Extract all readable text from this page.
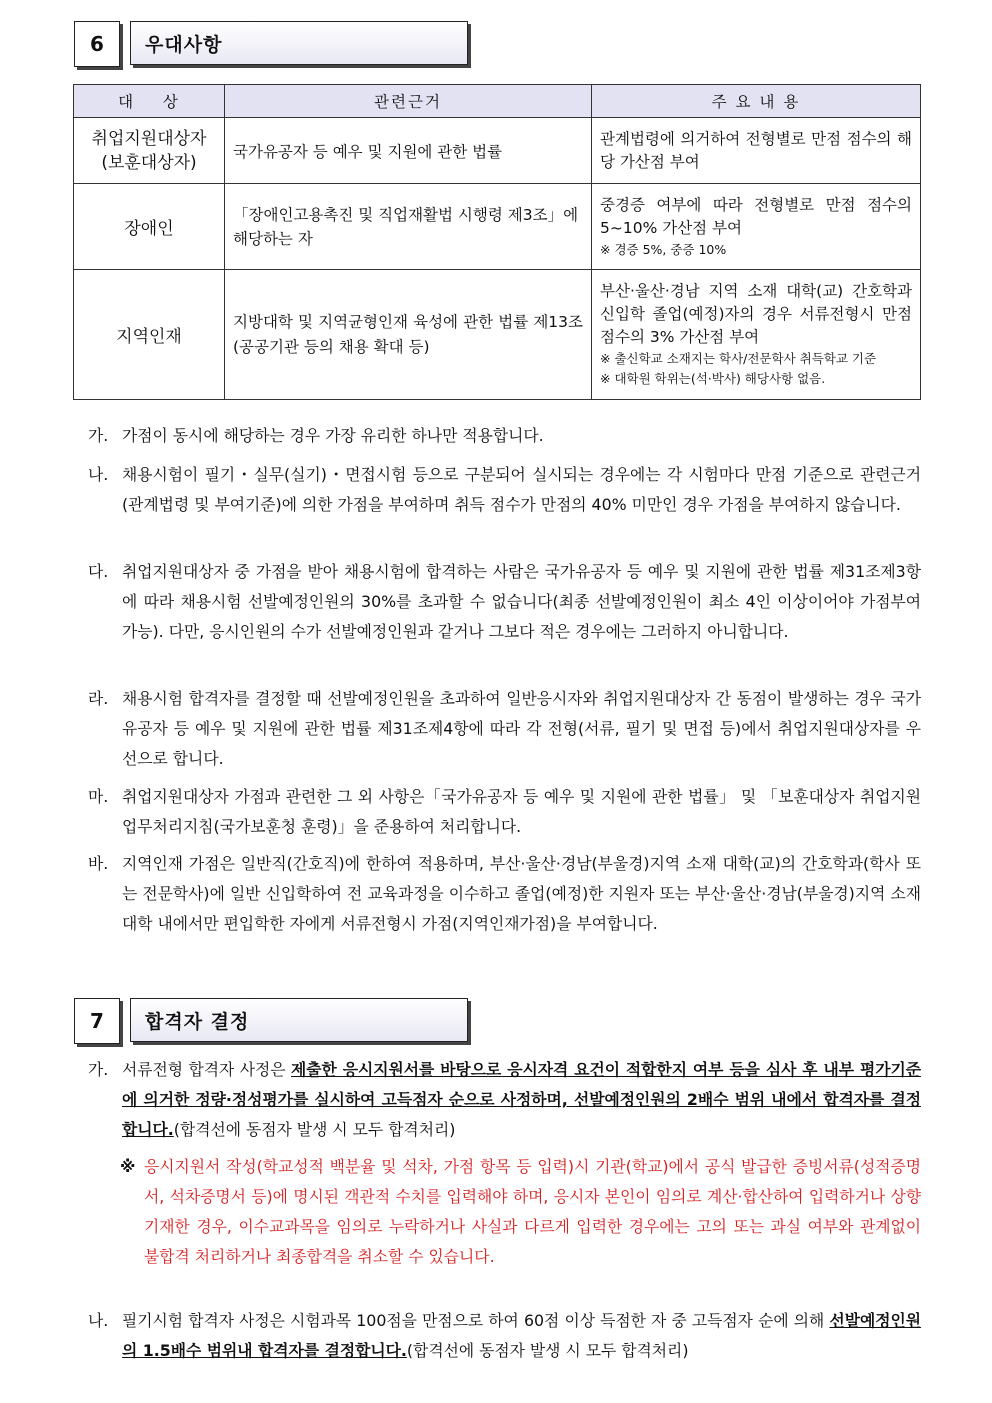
6	우대사항
대    상	관련근거	주 요 내 용
취업지원대상자
(보훈대상자)	국가유공자 등 예우 및 지원에 관한 법률	관계법령에 의거하여 전형별로 만점 점수의 해당 가산점 부여
장애인	「장애인고용촉진 및 직업재활법 시행령 제3조」에 해당하는 자	중경증 여부에 따라 전형별로 만점 점수의 5~10% 가산점 부여
※ 경증 5%, 중증 10%

지역인재	지방대학 및 지역균형인재 육성에 관한 법률 제13조(공공기관 등의 채용 확대 등)	부산·울산·경남 지역 소재 대학(교) 간호학과 신입학 졸업(예정)자의 경우 서류전형시 만점 점수의 3% 가산점 부여
※ 출신학교 소재지는 학사/전문학사 취득학교 기준
※ 대학원 학위는(석·박사) 해당사항 없음.
가. 가점이 동시에 해당하는 경우 가장 유리한 하나만 적용합니다.
나. 채용시험이 필기・실무(실기)・면접시험 등으로 구분되어 실시되는 경우에는 각 시험마다 만점 기준으로 관련근거(관계법령 및 부여기준)에 의한 가점을 부여하며 취득 점수가 만점의 40% 미만인 경우 가점을 부여하지 않습니다.
다. 취업지원대상자 중 가점을 받아 채용시험에 합격하는 사람은 국가유공자 등 예우 및 지원에 관한 법률 제31조제3항에 따라 채용시험 선발예정인원의 30%를 초과할 수 없습니다(최종 선발예정인원이 최소 4인 이상이어야 가점부여 가능). 다만, 응시인원의 수가 선발예정인원과 같거나 그보다 적은 경우에는 그러하지 아니합니다.
라. 채용시험 합격자를 결정할 때 선발예정인원을 초과하여 일반응시자와 취업지원대상자 간 동점이 발생하는 경우 국가유공자 등 예우 및 지원에 관한 법률 제31조제4항에 따라 각 전형(서류, 필기 및 면접 등)에서 취업지원대상자를 우선으로 합니다.
마. 취업지원대상자 가점과 관련한 그 외 사항은「국가유공자 등 예우 및 지원에 관한 법률」 및 「보훈대상자 취업지원 업무처리지침(국가보훈청 훈령)」을 준용하여 처리합니다.
바. 지역인재 가점은 일반직(간호직)에 한하여 적용하며, 부산·울산·경남(부울경)지역 소재 대학(교)의 간호학과(학사 또는 전문학사)에 일반 신입학하여 전 교육과정을 이수하고 졸업(예정)한 지원자 또는 부산·울산·경남(부울경)지역 소재 대학 내에서만 편입학한 자에게 서류전형시 가점(지역인재가점)을 부여합니다.
7	합격자 결정
가. 서류전형 합격자 사정은 제출한 응시지원서를 바탕으로 응시자격 요건이 적합한지 여부 등을 심사 후 내부 평가기준에 의거한 정량·정성평가를 실시하여 고득점자 순으로 사정하며, 선발예정인원의 2배수 범위 내에서 합격자를 결정합니다.(합격선에 동점자 발생 시 모두 합격처리)
※ 응시지원서 작성(학교성적 백분율 및 석차, 가점 항목 등 입력)시 기관(학교)에서 공식 발급한 증빙서류(성적증명서, 석차증명서 등)에 명시된 객관적 수치를 입력해야 하며, 응시자 본인이 임의로 계산·합산하여 입력하거나 상향 기재한 경우, 이수교과목을 임의로 누락하거나 사실과 다르게 입력한 경우에는 고의 또는 과실 여부와 관계없이 불합격 처리하거나 최종합격을 취소할 수 있습니다.
나. 필기시험 합격자 사정은 시험과목 100점을 만점으로 하여 60점 이상 득점한 자 중 고득점자 순에 의해 선발예정인원의 1.5배수 범위내 합격자를 결정합니다.(합격선에 동점자 발생 시 모두 합격처리)
